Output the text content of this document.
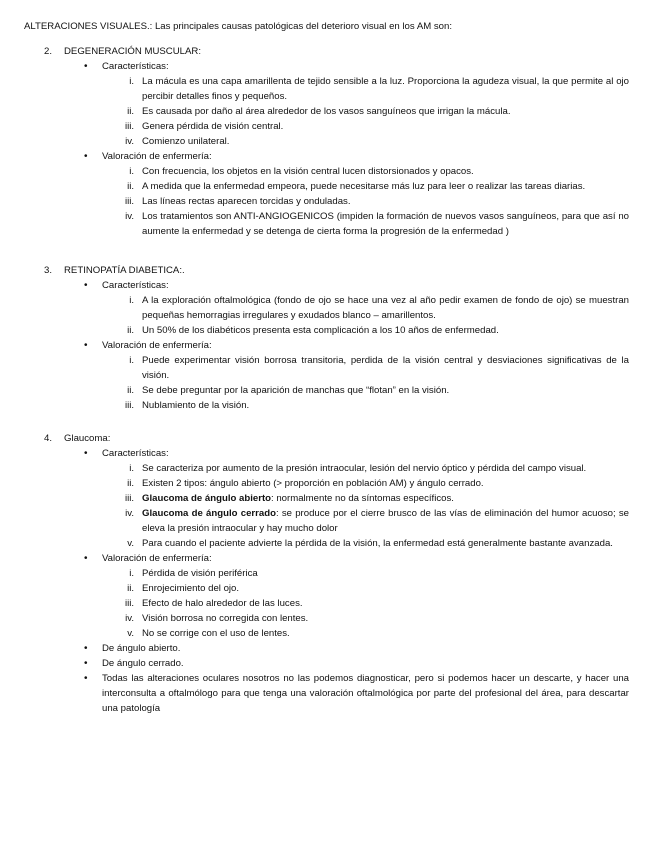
ALTERACIONES VISUALES.: Las principales causas patológicas del deterioro visual en los AM son:
2. DEGENERACIÓN MUSCULAR:
• Características:
i. La mácula es una capa amarillenta de tejido sensible a la luz. Proporciona la agudeza visual, la que permite al ojo percibir detalles finos y pequeños.
ii. Es causada por daño al área alrededor de los vasos sanguíneos que irrigan la mácula.
iii. Genera pérdida de visión central.
iv. Comienzo unilateral.
• Valoración de enfermería:
i. Con frecuencia, los objetos en la visión central lucen distorsionados y opacos.
ii. A medida que la enfermedad empeora, puede necesitarse más luz para leer o realizar las tareas diarias.
iii. Las líneas rectas aparecen torcidas y onduladas.
iv. Los tratamientos son ANTI-ANGIOGENICOS (impiden la formación de nuevos vasos sanguíneos, para que así no aumente la enfermedad y se detenga de cierta forma la progresión de la enfermedad )
3. RETINOPATÍA DIABETICA:.
• Características:
i. A la exploración oftalmológica (fondo de ojo se hace una vez al año pedir examen de fondo de ojo) se muestran pequeñas hemorragias irregulares y exudados blanco – amarillentos.
ii. Un 50% de los diabéticos presenta esta complicación a los 10 años de enfermedad.
• Valoración de enfermería:
i. Puede experimentar visión borrosa transitoria, perdida de la visión central y desviaciones significativas de la visión.
ii. Se debe preguntar por la aparición de manchas que “flotan” en la visión.
iii. Nublamiento de la visión.
4. Glaucoma:
• Características:
i. Se caracteriza por aumento de la presión intraocular, lesión del nervio óptico y pérdida del campo visual.
ii. Existen 2 tipos: ángulo abierto (> proporción en población AM) y ángulo cerrado.
iii. Glaucoma de ángulo abierto: normalmente no da síntomas específicos.
iv. Glaucoma de ángulo cerrado: se produce por el cierre brusco de las vías de eliminación del humor acuoso; se eleva la presión intraocular y hay mucho dolor
v. Para cuando el paciente advierte la pérdida de la visión, la enfermedad está generalmente bastante avanzada.
• Valoración de enfermería:
i. Pérdida de visión periférica
ii. Enrojecimiento del ojo.
iii. Efecto de halo alrededor de las luces.
iv. Visión borrosa no corregida con lentes.
v. No se corrige con el uso de lentes.
• De ángulo abierto.
• De ángulo cerrado.
• Todas las alteraciones oculares nosotros no las podemos diagnosticar, pero si podemos hacer un descarte, y hacer una interconsulta a oftalmólogo para que tenga una valoración oftalmológica por parte del profesional del área, para descartar una patología
